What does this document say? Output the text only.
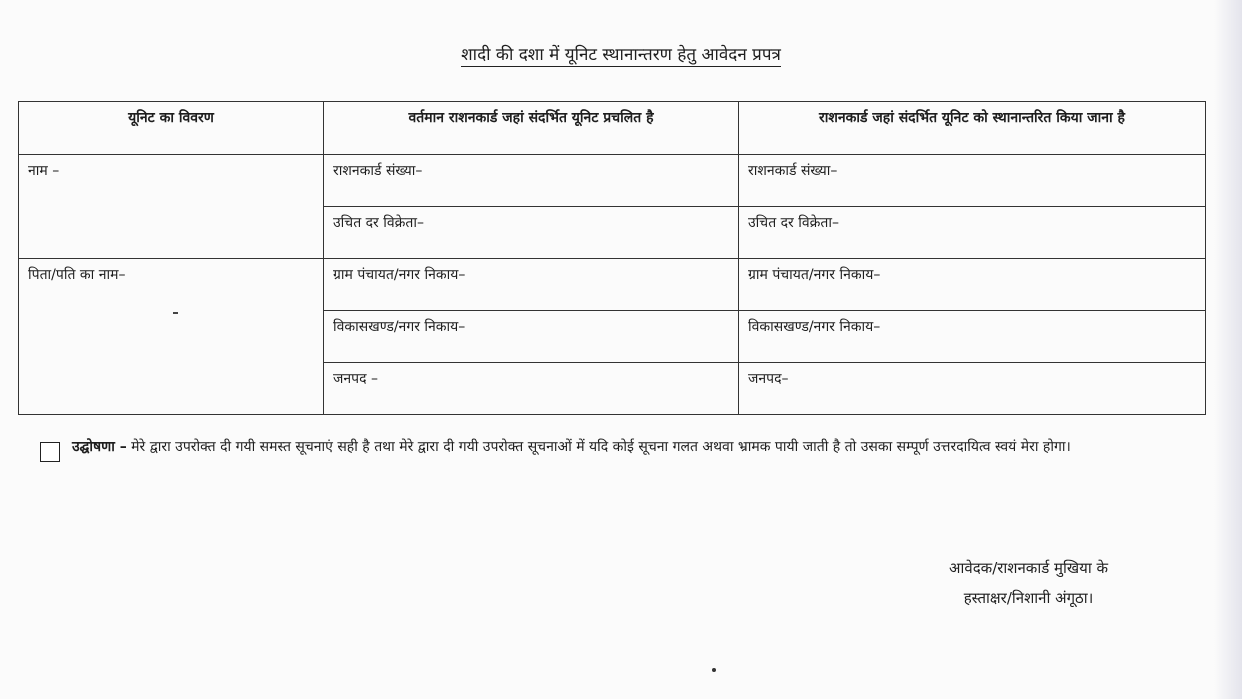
शादी की दशा में यूनिट स्थानान्तरण हेतु आवेदन प्रपत्र
यूनिट का विवरण	वर्तमान राशनकार्ड जहां संदर्भित यूनिट प्रचलित है	राशनकार्ड जहां संदर्भित यूनिट को स्थानान्तरित किया जाना है
नाम –	राशनकार्ड संख्या–	राशनकार्ड संख्या–
	उचित दर विक्रेता–	उचित दर विक्रेता–
पिता/पति का नाम–	ग्राम पंचायत/नगर निकाय–	ग्राम पंचायत/नगर निकाय–
	विकासखण्ड/नगर निकाय–	विकासखण्ड/नगर निकाय–
	जनपद –	जनपद–
उद्घोषणा – मेरे द्वारा उपरोक्त दी गयी समस्त सूचनाएं सही है तथा मेरे द्वारा दी गयी उपरोक्त सूचनाओं में यदि कोई सूचना गलत अथवा भ्रामक पायी जाती है तो उसका सम्पूर्ण उत्तरदायित्व स्वयं मेरा होगा।
आवेदक/राशनकार्ड मुखिया के
हस्ताक्षर/निशानी अंगूठा।
